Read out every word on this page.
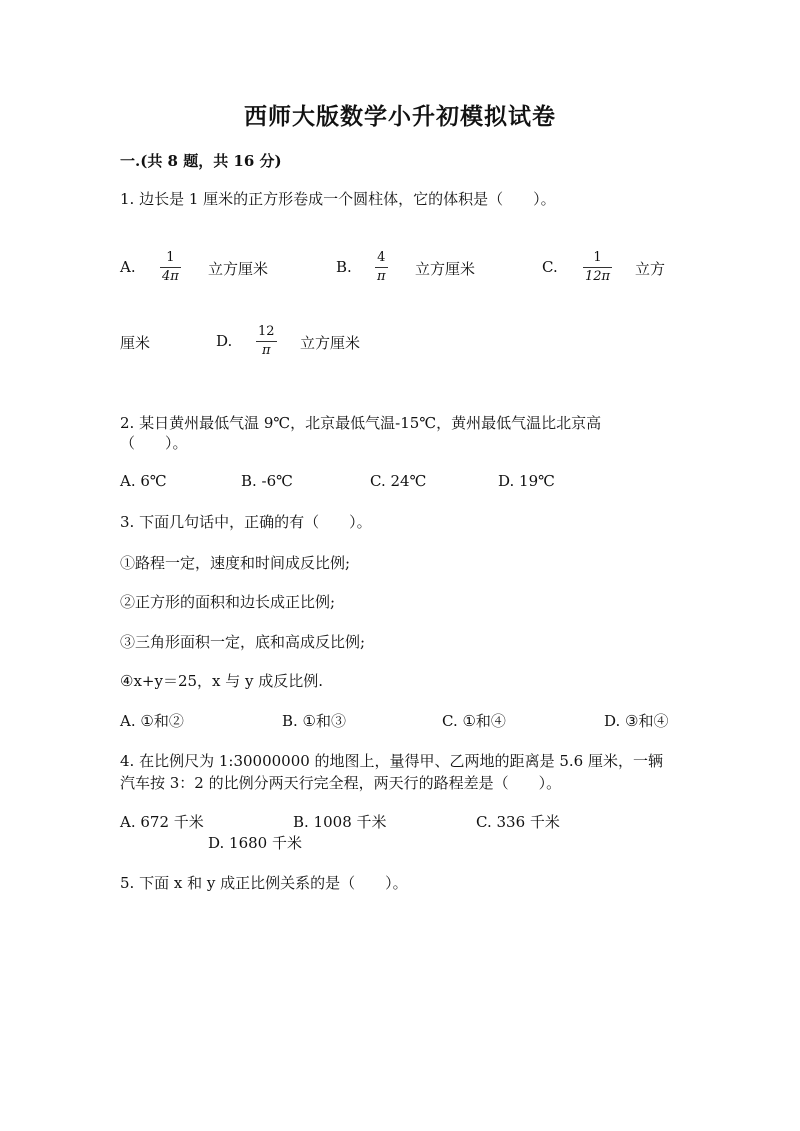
西师大版数学小升初模拟试卷
一.(共 8 题，共 16 分)
1. 边长是 1 厘米的正方形卷成一个圆柱体，它的体积是（　　）。
A.
1
4π 立方厘米	B.
4
π 立方厘米	C.
1
12π 立方
厘米	D.
12
π 立方厘米
2. 某日黄州最低气温 9℃，北京最低气温-15℃，黄州最低气温比北京高
（　　）。
A. 6℃	B. -6℃	C. 24℃	D. 19℃
3. 下面几句话中，正确的有（　　）。
①路程一定，速度和时间成反比例;
②正方形的面积和边长成正比例;
③三角形面积一定，底和高成反比例;
④x+y＝25，x 与 y 成反比例.
A. ①和②	B. ①和③	C. ①和④	D. ③和④
4. 在比例尺为 1:30000000 的地图上，量得甲、乙两地的距离是 5.6 厘米，一辆
汽车按 3：2 的比例分两天行完全程，两天行的路程差是（　　）。
A. 672 千米	B. 1008 千米	C. 336 千米
D. 1680 千米
5. 下面 x 和 y 成正比例关系的是（　　）。
